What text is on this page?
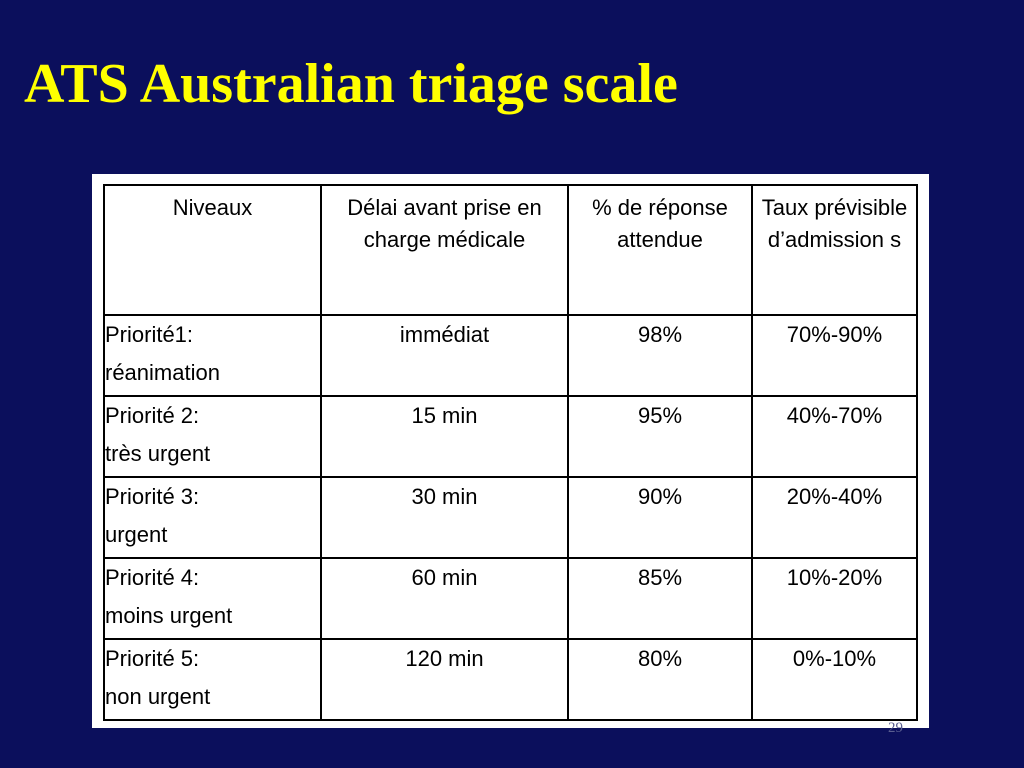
ATS Australian triage scale
Niveaux	Délai avant prise en charge médicale	% de réponse attendue	Taux prévisible d’admission s

Priorité1:
réanimation	immédiat	98%	70%-90%

Priorité 2:
très urgent	15 min	95%	40%-70%

Priorité 3:
urgent	30 min	90%	20%-40%

Priorité 4:
moins urgent	60 min	85%	10%-20%

Priorité 5:
non urgent	120 min	80%	0%-10%
29
